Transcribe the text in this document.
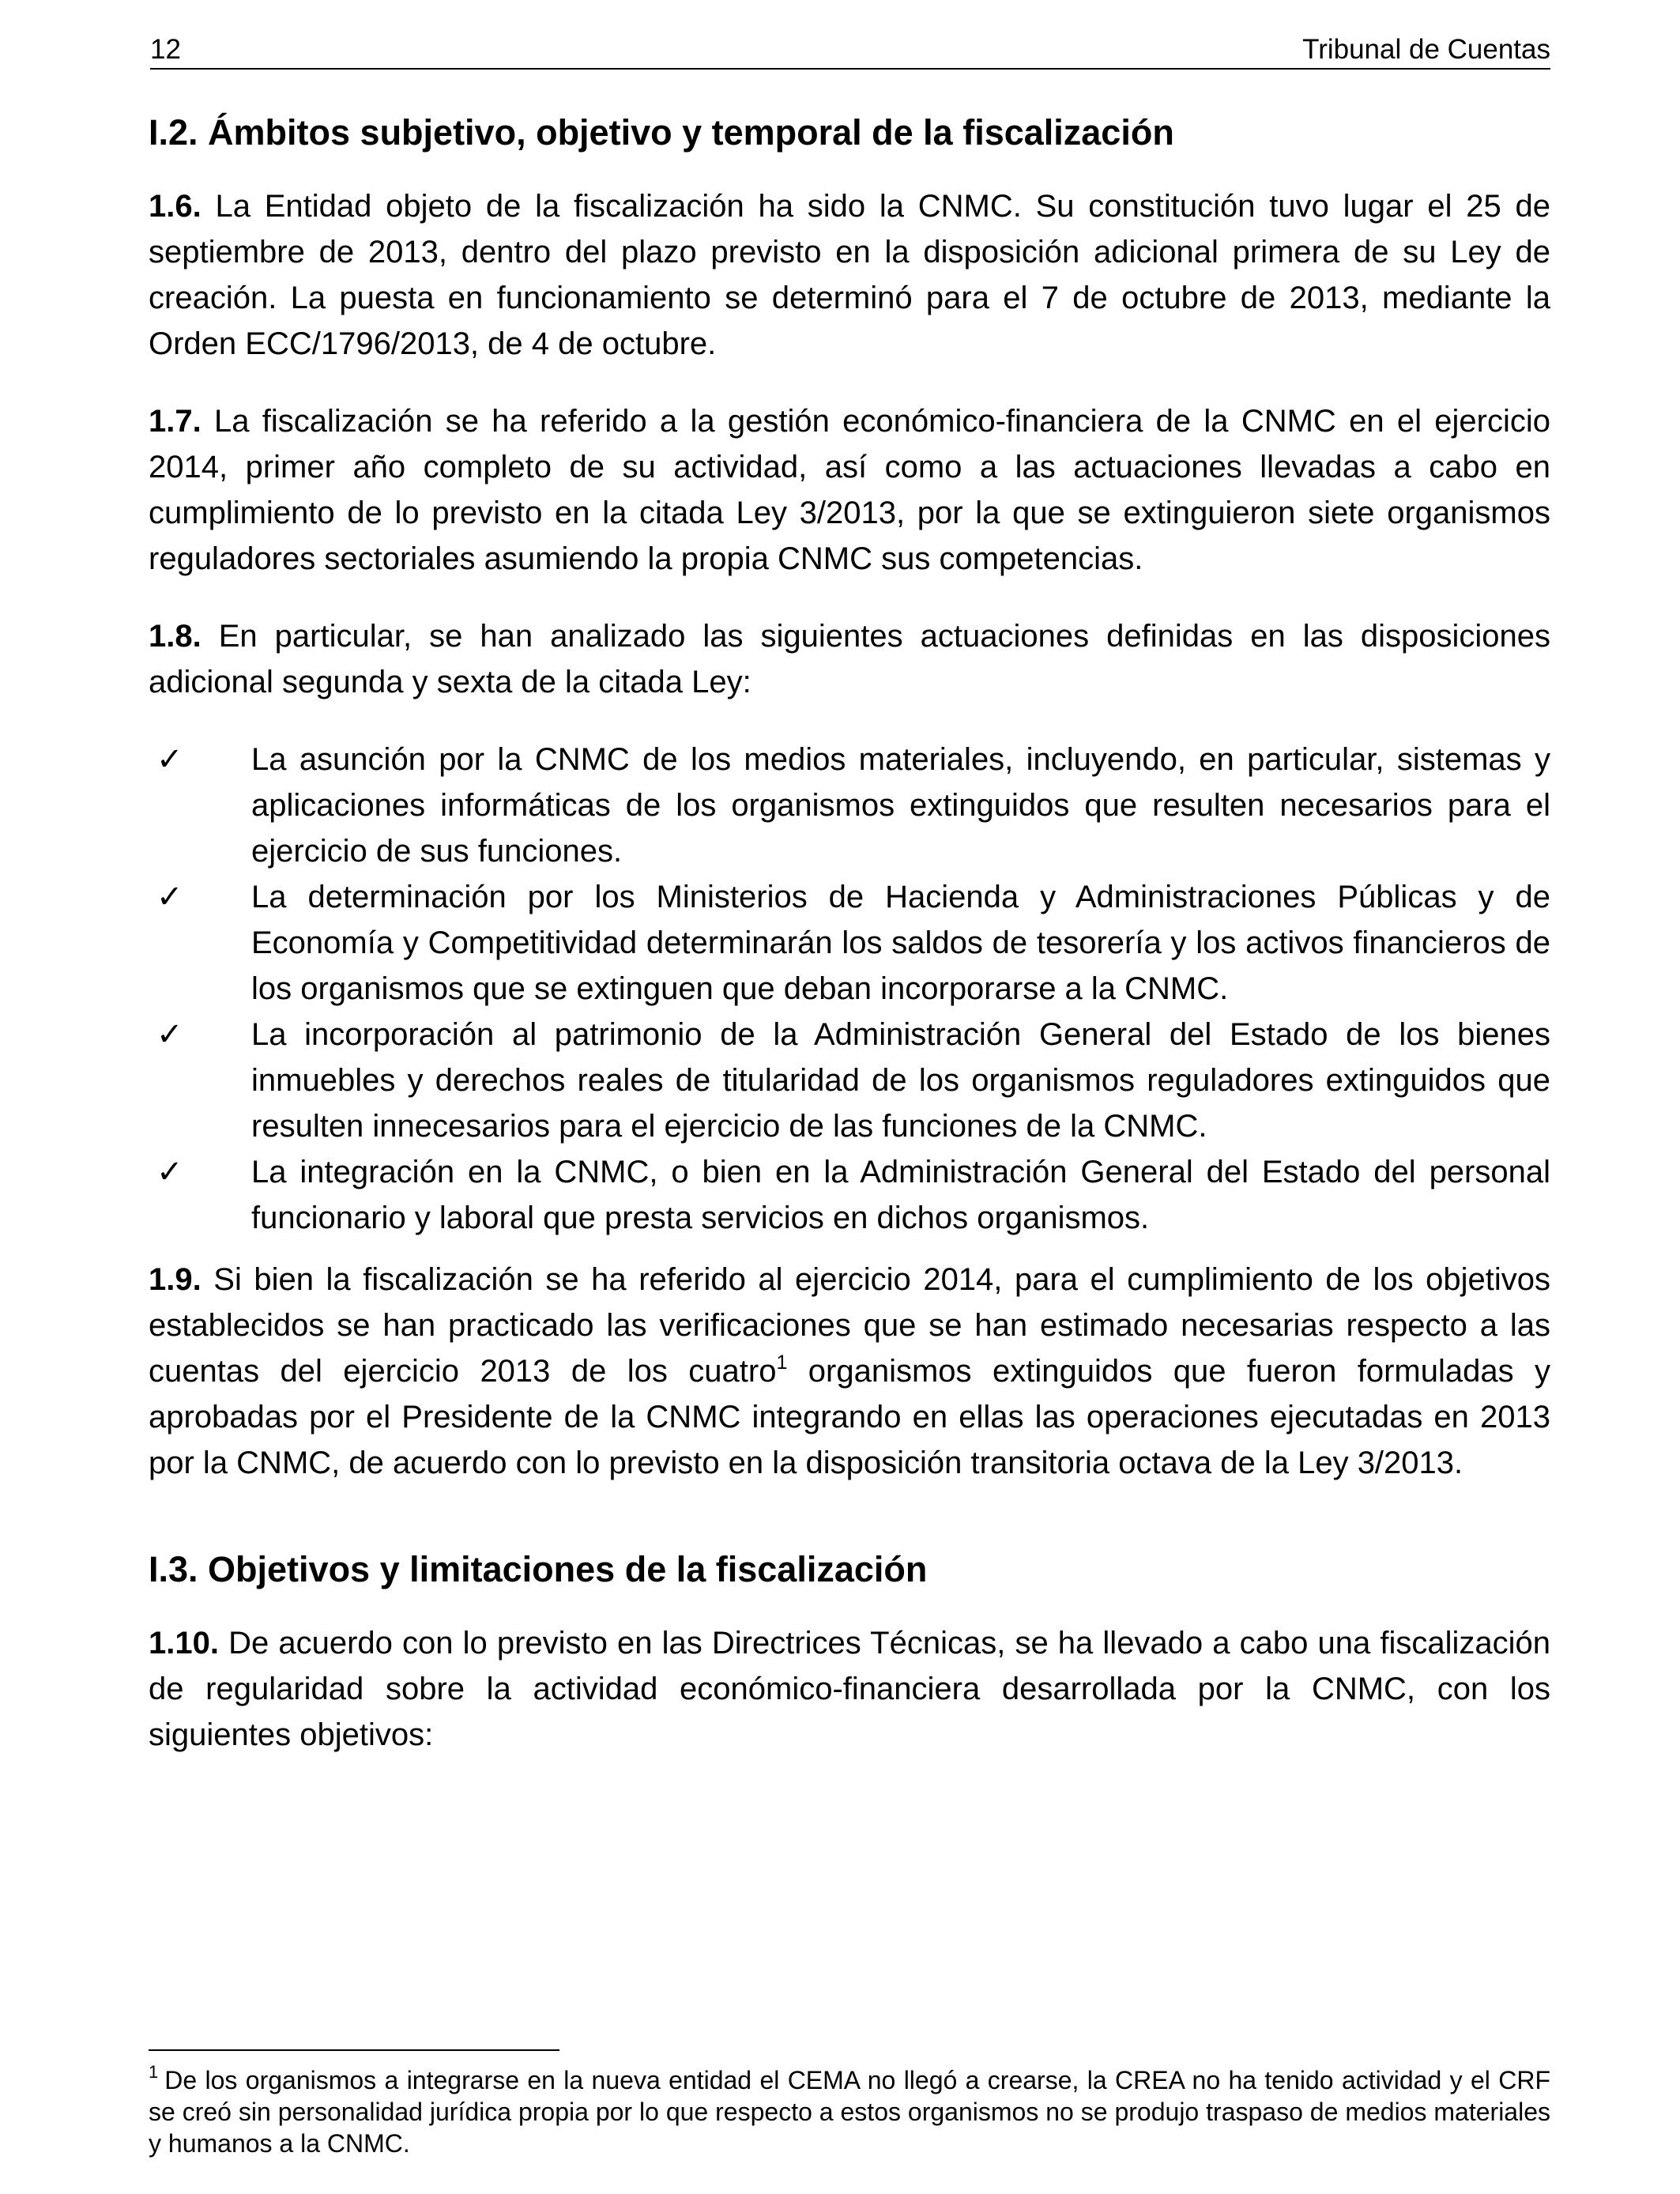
12	Tribunal de Cuentas
I.2. Ámbitos subjetivo, objetivo y temporal de la fiscalización

1.6. La Entidad objeto de la fiscalización ha sido la CNMC. Su constitución tuvo lugar el 25 de septiembre de 2013, dentro del plazo previsto en la disposición adicional primera de su Ley de creación. La puesta en funcionamiento se determinó para el 7 de octubre de 2013, mediante la Orden ECC/1796/2013, de 4 de octubre.

1.7. La fiscalización se ha referido a la gestión económico-financiera de la CNMC en el ejercicio 2014, primer año completo de su actividad, así como a las actuaciones llevadas a cabo en cumplimiento de lo previsto en la citada Ley 3/2013, por la que se extinguieron siete organismos reguladores sectoriales asumiendo la propia CNMC sus competencias.

1.8. En particular, se han analizado las siguientes actuaciones definidas en las disposiciones adicional segunda y sexta de la citada Ley:

✓ La asunción por la CNMC de los medios materiales, incluyendo, en particular, sistemas y aplicaciones informáticas de los organismos extinguidos que resulten necesarios para el ejercicio de sus funciones.
✓ La determinación por los Ministerios de Hacienda y Administraciones Públicas y de Economía y Competitividad determinarán los saldos de tesorería y los activos financieros de los organismos que se extinguen que deban incorporarse a la CNMC.
✓ La incorporación al patrimonio de la Administración General del Estado de los bienes inmuebles y derechos reales de titularidad de los organismos reguladores extinguidos que resulten innecesarios para el ejercicio de las funciones de la CNMC.
✓ La integración en la CNMC, o bien en la Administración General del Estado del personal funcionario y laboral que presta servicios en dichos organismos.

1.9. Si bien la fiscalización se ha referido al ejercicio 2014, para el cumplimiento de los objetivos establecidos se han practicado las verificaciones que se han estimado necesarias respecto a las cuentas del ejercicio 2013 de los cuatro$^1$ organismos extinguidos que fueron formuladas y aprobadas por el Presidente de la CNMC integrando en ellas las operaciones ejecutadas en 2013 por la CNMC, de acuerdo con lo previsto en la disposición transitoria octava de la Ley 3/2013.

I.3. Objetivos y limitaciones de la fiscalización

1.10. De acuerdo con lo previsto en las Directrices Técnicas, se ha llevado a cabo una fiscalización de regularidad sobre la actividad económico-financiera desarrollada por la CNMC, con los siguientes objetivos:

$^1$ De los organismos a integrarse en la nueva entidad el CEMA no llegó a crearse, la CREA no ha tenido actividad y el CRF se creó sin personalidad jurídica propia por lo que respecto a estos organismos no se produjo traspaso de medios materiales y humanos a la CNMC.
